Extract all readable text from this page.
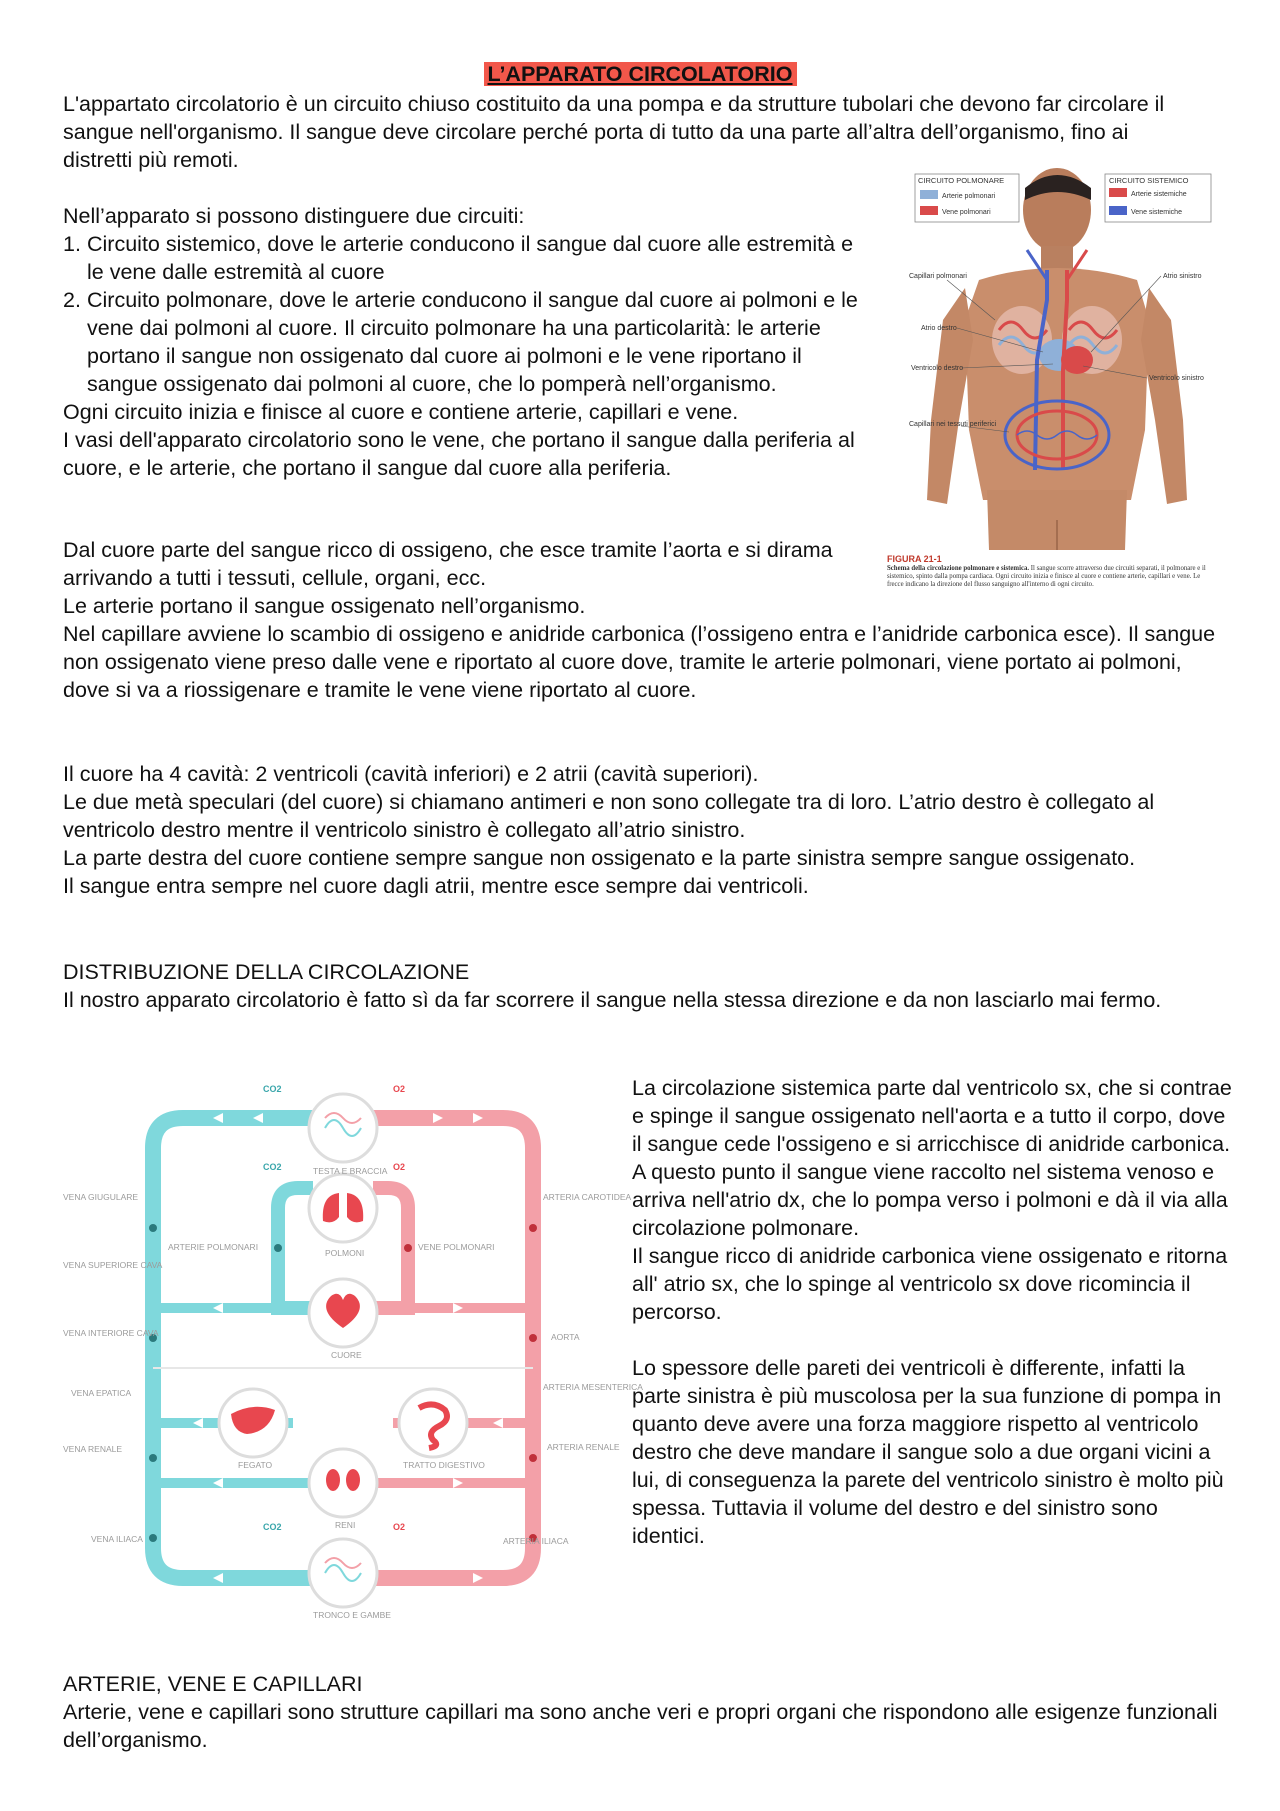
L’APPARATO CIRCOLATORIO

L'appartato circolatorio è un circuito chiuso costituito da una pompa e da strutture tubolari che devono far circolare il sangue nell'organismo. Il sangue deve circolare perché porta di tutto da una parte all’altra dell’organismo, fino ai distretti più remoti.

Nell’apparato si possono distinguere due circuiti:

1. Circuito sistemico, dove le arterie conducono il sangue dal cuore alle estremità e le vene dalle estremità al cuore
2. Circuito polmonare, dove le arterie conducono il sangue dal cuore ai polmoni e le vene dai polmoni al cuore. Il circuito polmonare ha una particolarità: le arterie portano il sangue non ossigenato dal cuore ai polmoni e le vene riportano il sangue ossigenato dai polmoni al cuore, che lo pomperà nell’organismo.

Ogni circuito inizia e finisce al cuore e contiene arterie, capillari e vene.

I vasi dell'apparato circolatorio sono le vene, che portano il sangue dalla periferia al cuore, e le arterie, che portano il sangue dal cuore alla periferia.

Dal cuore parte del sangue ricco di ossigeno, che esce tramite l’aorta e si dirama arrivando a tutti i tessuti, cellule, organi, ecc.

Le arterie portano il sangue ossigenato nell’organismo.

Nel capillare avviene lo scambio di ossigeno e anidride carbonica (l’ossigeno entra e l’anidride carbonica esce). Il sangue non ossigenato viene preso dalle vene e riportato al cuore dove, tramite le arterie polmonari, viene portato ai polmoni, dove si va a riossigenare e tramite le vene viene riportato al cuore.

Il cuore ha 4 cavità: 2 ventricoli (cavità inferiori) e 2 atrii (cavità superiori).

Le due metà speculari (del cuore) si chiamano antimeri e non sono collegate tra di loro. L’atrio destro è collegato al ventricolo destro mentre il ventricolo sinistro è collegato all’atrio sinistro.

La parte destra del cuore contiene sempre sangue non ossigenato e la parte sinistra sempre sangue ossigenato.

Il sangue entra sempre nel cuore dagli atrii, mentre esce sempre dai ventricoli.

DISTRIBUZIONE DELLA CIRCOLAZIONE

Il nostro apparato circolatorio è fatto sì da far scorrere il sangue nella stessa direzione e da non lasciarlo mai fermo.

La circolazione sistemica parte dal ventricolo sx, che si contrae e spinge il sangue ossigenato nell'aorta e a tutto il corpo, dove il sangue cede l'ossigeno e si arricchisce di anidride carbonica.

A questo punto il sangue viene raccolto nel sistema venoso e arriva nell'atrio dx, che lo pompa verso i polmoni e dà il via alla circolazione polmonare.

Il sangue ricco di anidride carbonica viene ossigenato e ritorna all' atrio sx, che lo spinge al ventricolo sx dove ricomincia il percorso.

Lo spessore delle pareti dei ventricoli è differente, infatti la parte sinistra è più muscolosa per la sua funzione di pompa in quanto deve avere una forza maggiore rispetto al ventricolo destro che deve mandare il sangue solo a due organi vicini a lui, di conseguenza la parete del ventricolo sinistro è molto più spessa. Tuttavia il volume del destro e del sinistro sono identici.

ARTERIE, VENE E CAPILLARI

Arterie, vene e capillari sono strutture capillari ma sono anche veri e propri organi che rispondono alle esigenze funzionali dell’organismo.

CIRCUITO POLMONARE
Arterie polmonari
Vene polmonari
CIRCUITO SISTEMICO
Arterie sistemiche
Vene sistemiche
Capillari polmonari	Atrio sinistro
Atrio destro
Ventricolo destro
Ventricolo sinistro
Capillari nei tessuti periferici
FIGURA 21-1
Schema della circolazione polmonare e sistemica. Il sangue scorre attraverso due circuiti separati, il polmonare e il sistemico, spinto dalla pompa cardiaca. Ogni circuito inizia e finisce al cuore e contiene arterie, capillari e vene. Le frecce indicano la direzione del flusso sanguigno all'interno di ogni circuito.
CO2	O2
CO2	O2
CO2	O2
TESTA E BRACCIA
POLMONI
CUORE
FEGATO	TRATTO DIGESTIVO
RENI
TRONCO E GAMBE
ARTERIE POLMONARI	VENE POLMONARI
VENA GIUGULARE
VENA SUPERIORE CAVA
VENA INTERIORE CAVA
VENA EPATICA
VENA RENALE
VENA ILIACA
ARTERIA CAROTIDEA
AORTA
ARTERIA MESENTERICA
ARTERIA RENALE
ARTERIA ILIACA
